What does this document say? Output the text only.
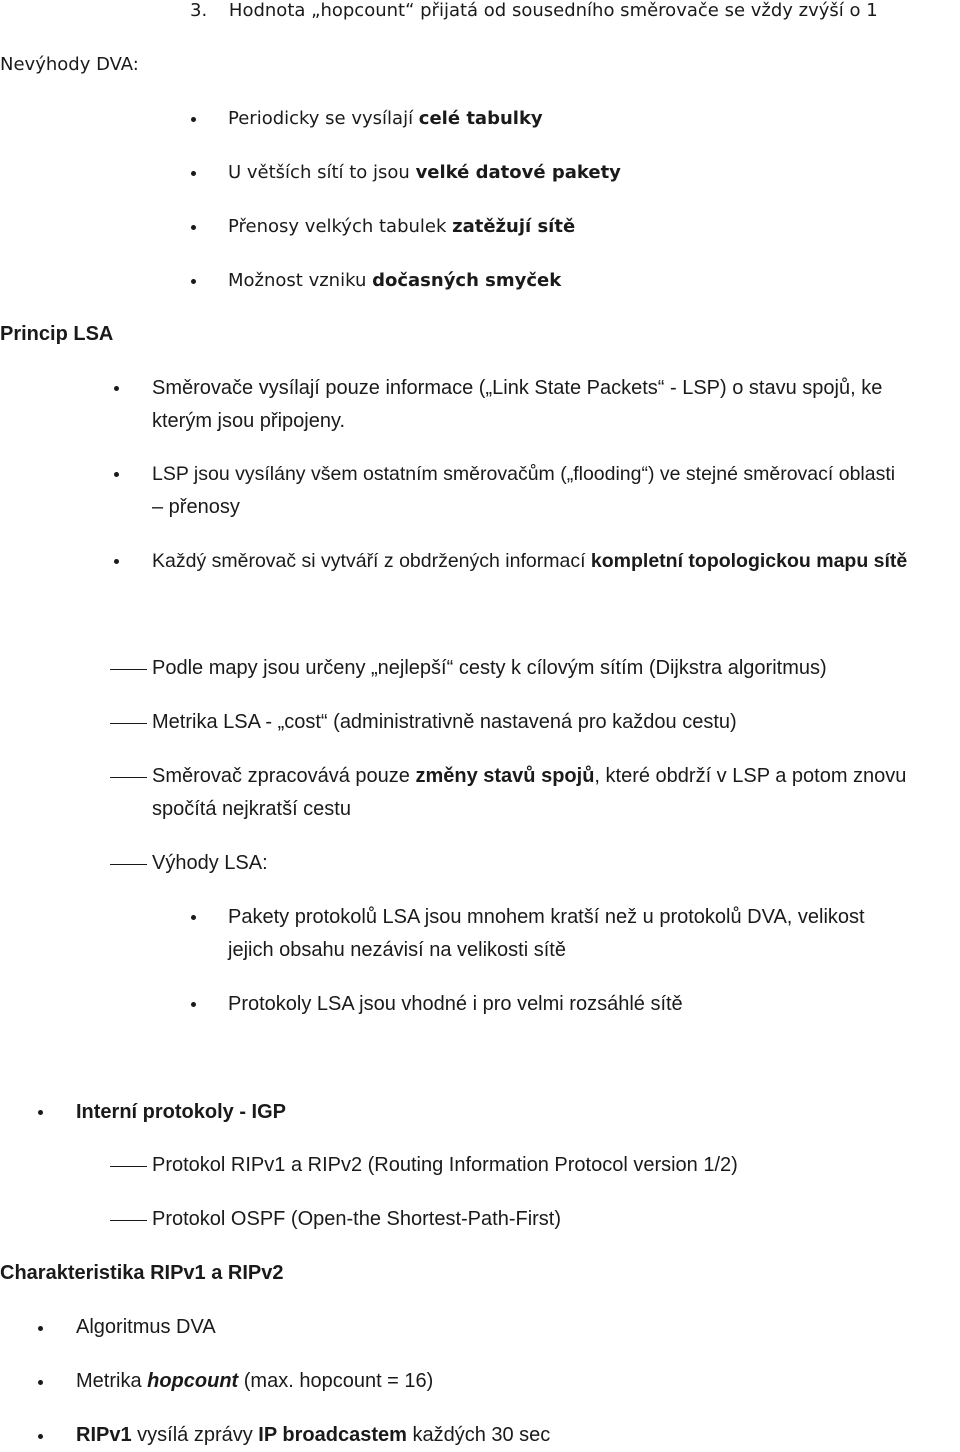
3. Hodnota „hopcount“ přijatá od sousedního směrovače se vždy zvýší o 1

Nevýhody DVA:

Periodicky se vysílají celé tabulky

U větších sítí to jsou velké datové pakety

Přenosy velkých tabulek zatěžují sítě

Možnost vzniku dočasných smyček

Princip LSA

Směrovače vysílají pouze informace („Link State Packets“ - LSP) o stavu spojů, ke

kterým jsou připojeny.

LSP jsou vysílány všem ostatním směrovačům („flooding“) ve stejné směrovací oblasti

– přenosy

Každý směrovač si vytváří z obdržených informací kompletní topologickou mapu sítě

Podle mapy jsou určeny „nejlepší“ cesty k cílovým sítím (Dijkstra algoritmus)

Metrika LSA - „cost“ (administrativně nastavená pro každou cestu)

Směrovač zpracovává pouze změny stavů spojů, které obdrží v LSP a potom znovu

spočítá nejkratší cestu

Výhody LSA:

Pakety protokolů LSA jsou mnohem kratší než u protokolů DVA, velikost

jejich obsahu nezávisí na velikosti sítě

Protokoly LSA jsou vhodné i pro velmi rozsáhlé sítě

Interní protokoly - IGP

Protokol RIPv1 a RIPv2 (Routing Information Protocol version 1/2)

Protokol OSPF (Open-the Shortest-Path-First)

Charakteristika RIPv1 a RIPv2

Algoritmus DVA

Metrika hopcount (max. hopcount = 16)

RIPv1 vysílá zprávy IP broadcastem každých 30 sec
